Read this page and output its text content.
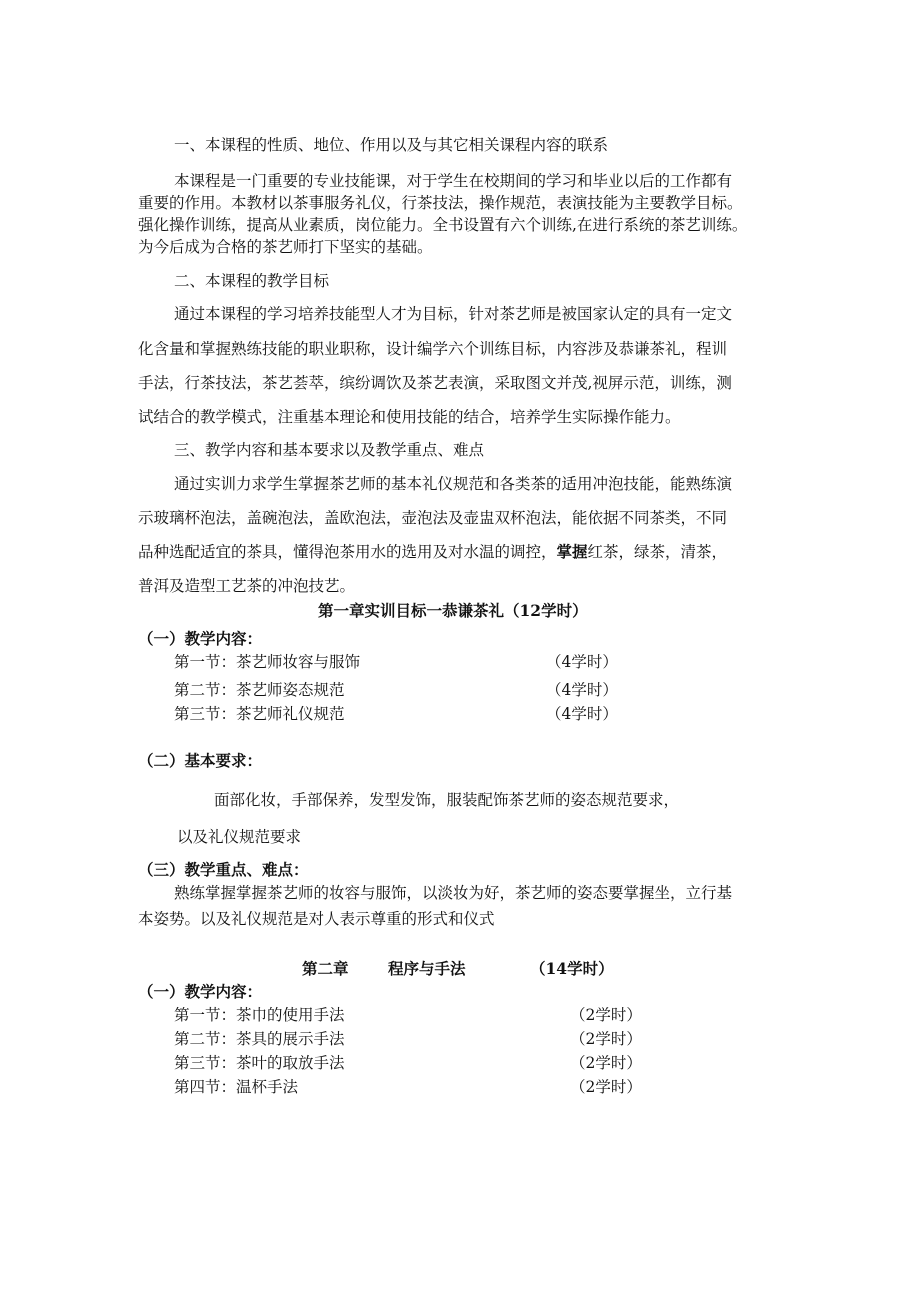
一、本课程的性质、地位、作用以及与其它相关课程内容的联系
本课程是一门重要的专业技能课，对于学生在校期间的学习和毕业以后的工作都有
重要的作用。本教材以茶事服务礼仪，行茶技法，操作规范，表演技能为主要教学目标。
强化操作训练，提高从业素质，岗位能力。全书设置有六个训练,在进行系统的茶艺训练。
为今后成为合格的茶艺师打下坚实的基础。
二、本课程的教学目标
通过本课程的学习培养技能型人才为目标，针对茶艺师是被国家认定的具有一定文
化含量和掌握熟练技能的职业职称，设计编学六个训练目标，内容涉及恭谦茶礼，程训
手法，行茶技法，茶艺荟萃，缤纷调饮及茶艺表演，采取图文并茂,视屏示范，训练，测
试结合的教学模式，注重基本理论和使用技能的结合，培养学生实际操作能力。
三、教学内容和基本要求以及教学重点、难点
通过实训力求学生掌握茶艺师的基本礼仪规范和各类茶的适用冲泡技能，能熟练演
示玻璃杯泡法，盖碗泡法，盖欧泡法，壶泡法及壶盅双杯泡法，能依据不同茶类，不同
品种选配适宜的茶具，懂得泡茶用水的选用及对水温的调控，掌握红茶，绿茶，清茶，
普洱及造型工艺茶的冲泡技艺。
第一章实训目标一恭谦茶礼（12学时）
（一）教学内容：
第一节：茶艺师妆容与服饰	（4学时）
第二节：茶艺师姿态规范	（4学时）
第三节：茶艺师礼仪规范	（4学时）
（二）基本要求：
面部化妆，手部保养，发型发饰，服装配饰茶艺师的姿态规范要求，
以及礼仪规范要求
（三）教学重点、难点：
熟练掌握掌握茶艺师的妆容与服饰，以淡妆为好，茶艺师的姿态要掌握坐，立行基
本姿势。以及礼仪规范是对人表示尊重的形式和仪式
第二章	程序与手法	（14学时）
（一）教学内容：
第一节：茶巾的使用手法	（2学时）
第二节：茶具的展示手法	（2学时）
第三节：茶叶的取放手法	（2学时）
第四节：温杯手法	（2学时）
